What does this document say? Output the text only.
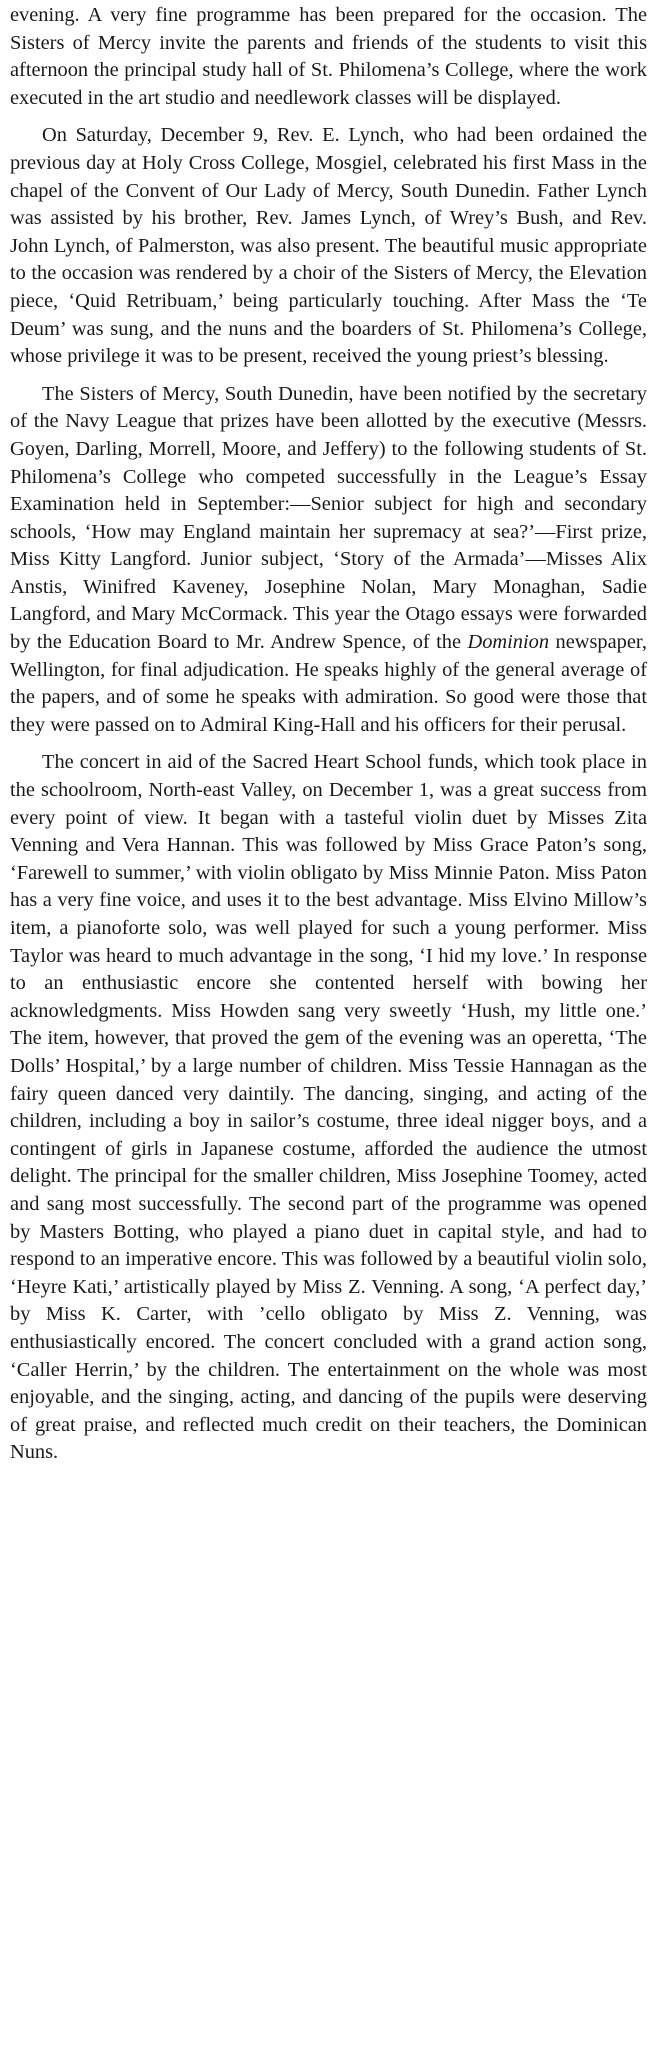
evening. A very fine programme has been prepared for the occasion. The Sisters of Mercy invite the parents and friends of the students to visit this afternoon the principal study hall of St. Philomena’s College, where the work executed in the art studio and needlework classes will be displayed.

On Saturday, December 9, Rev. E. Lynch, who had been ordained the previous day at Holy Cross College, Mosgiel, celebrated his first Mass in the chapel of the Convent of Our Lady of Mercy, South Dunedin. Father Lynch was assisted by his brother, Rev. James Lynch, of Wrey’s Bush, and Rev. John Lynch, of Palmerston, was also present. The beautiful music appropriate to the occasion was rendered by a choir of the Sisters of Mercy, the Elevation piece, ‘Quid Retribuam,’ being particularly touching. After Mass the ‘Te Deum’ was sung, and the nuns and the boarders of St. Philomena’s College, whose privilege it was to be present, received the young priest’s blessing.

The Sisters of Mercy, South Dunedin, have been notified by the secretary of the Navy League that prizes have been allotted by the executive (Messrs. Goyen, Darling, Morrell, Moore, and Jeffery) to the following students of St. Philomena’s College who competed successfully in the League’s Essay Examination held in September:—Senior subject for high and secondary schools, ‘How may England maintain her supremacy at sea?’—First prize, Miss Kitty Langford. Junior subject, ‘Story of the Armada’—Misses Alix Anstis, Winifred Kaveney, Josephine Nolan, Mary Monaghan, Sadie Langford, and Mary McCormack. This year the Otago essays were forwarded by the Education Board to Mr. Andrew Spence, of the Dominion newspaper, Wellington, for final adjudication. He speaks highly of the general average of the papers, and of some he speaks with admiration. So good were those that they were passed on to Admiral King-Hall and his officers for their perusal.

The concert in aid of the Sacred Heart School funds, which took place in the schoolroom, North-east Valley, on December 1, was a great success from every point of view. It began with a tasteful violin duet by Misses Zita Venning and Vera Hannan. This was followed by Miss Grace Paton’s song, ‘Farewell to summer,’ with violin obligato by Miss Minnie Paton. Miss Paton has a very fine voice, and uses it to the best advantage. Miss Elvino Millow’s item, a pianoforte solo, was well played for such a young performer. Miss Taylor was heard to much advantage in the song, ‘I hid my love.’ In response to an enthusiastic encore she contented herself with bowing her acknowledgments. Miss Howden sang very sweetly ‘Hush, my little one.’ The item, however, that proved the gem of the evening was an operetta, ‘The Dolls’ Hospital,’ by a large number of children. Miss Tessie Hannagan as the fairy queen danced very daintily. The dancing, singing, and acting of the children, including a boy in sailor’s costume, three ideal nigger boys, and a contingent of girls in Japanese costume, afforded the audience the utmost delight. The principal for the smaller children, Miss Josephine Toomey, acted and sang most successfully. The second part of the programme was opened by Masters Botting, who played a piano duet in capital style, and had to respond to an imperative encore. This was followed by a beautiful violin solo, ‘Heyre Kati,’ artistically played by Miss Z. Venning. A song, ‘A perfect day,’ by Miss K. Carter, with ’cello obligato by Miss Z. Venning, was enthusiastically encored. The concert concluded with a grand action song, ‘Caller Herrin,’ by the children. The entertainment on the whole was most enjoyable, and the singing, acting, and dancing of the pupils were deserving of great praise, and reflected much credit on their teachers, the Dominican Nuns.
